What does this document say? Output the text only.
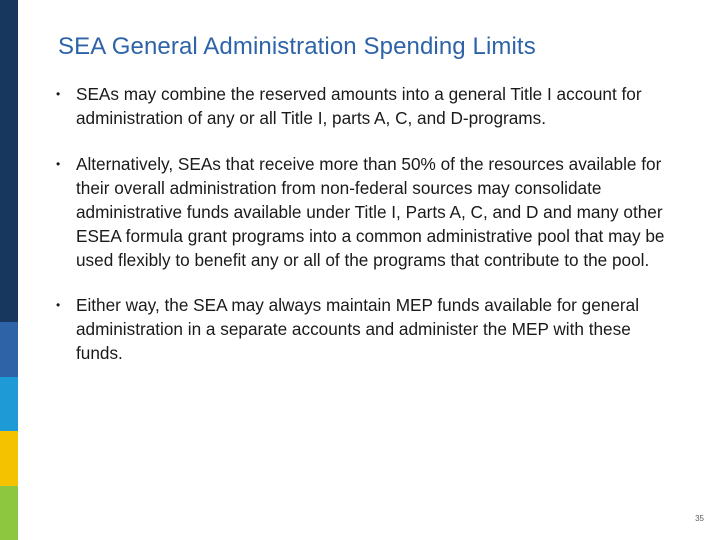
SEA General Administration Spending Limits
• SEAs may combine the reserved amounts into a general Title I account for administration of any or all Title I, parts A, C, and D-programs.
• Alternatively, SEAs that receive more than 50% of the resources available for their overall administration from non-federal sources may consolidate administrative funds available under Title I, Parts A, C, and D and many other ESEA formula grant programs into a common administrative pool that may be used flexibly to benefit any or all of the programs that contribute to the pool.
• Either way, the SEA may always maintain MEP funds available for general administration in a separate accounts and administer the MEP with these funds.
35
